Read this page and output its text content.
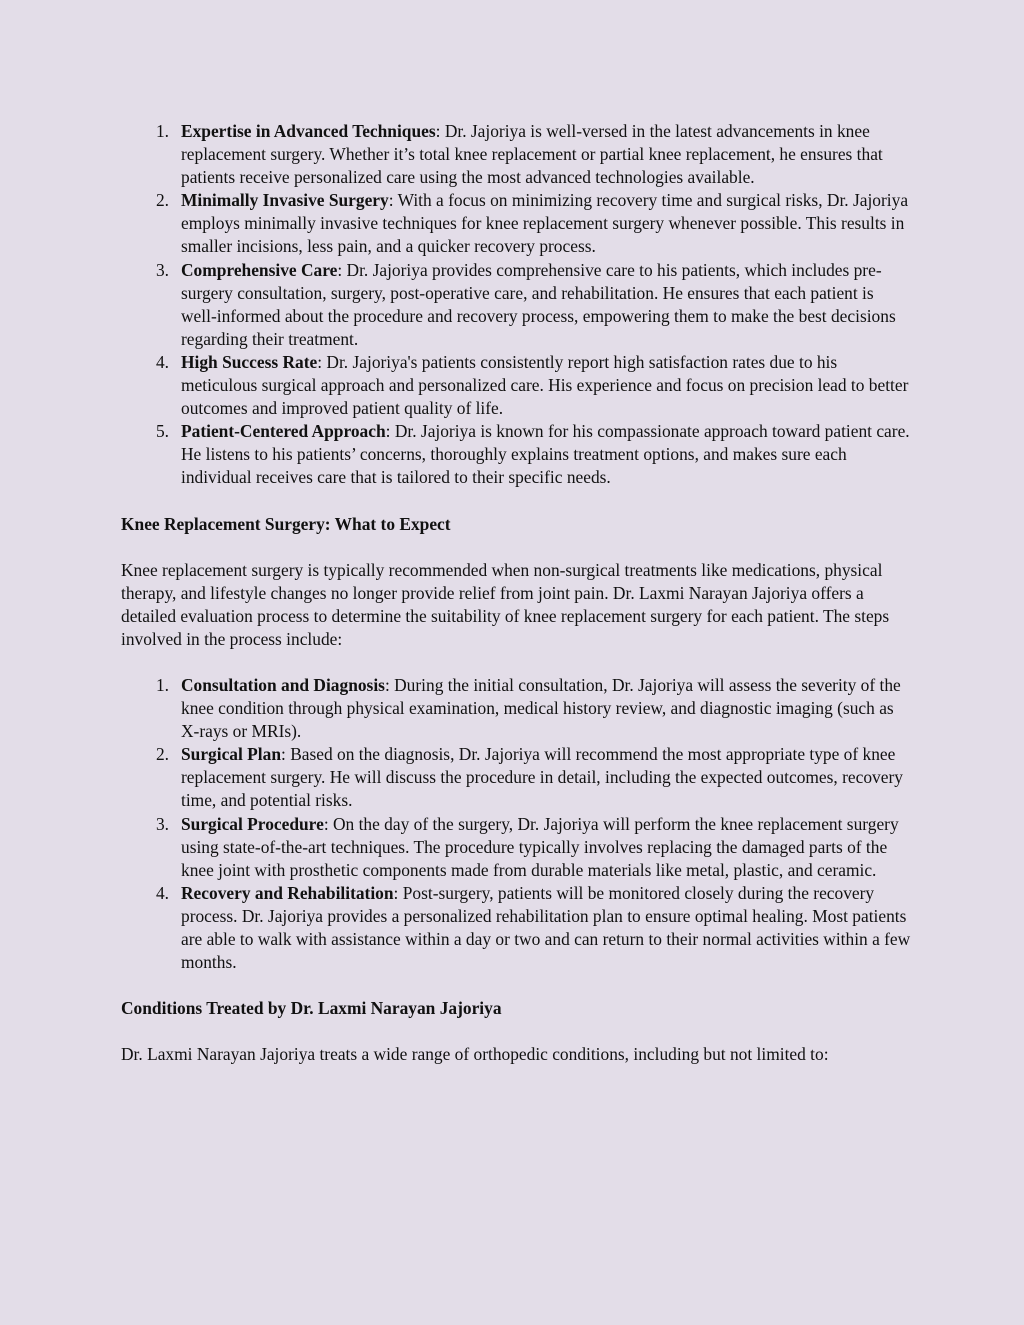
1. Expertise in Advanced Techniques: Dr. Jajoriya is well-versed in the latest advancements in knee replacement surgery. Whether it’s total knee replacement or partial knee replacement, he ensures that patients receive personalized care using the most advanced technologies available.
2. Minimally Invasive Surgery: With a focus on minimizing recovery time and surgical risks, Dr. Jajoriya employs minimally invasive techniques for knee replacement surgery whenever possible. This results in smaller incisions, less pain, and a quicker recovery process.
3. Comprehensive Care: Dr. Jajoriya provides comprehensive care to his patients, which includes pre-surgery consultation, surgery, post-operative care, and rehabilitation. He ensures that each patient is well-informed about the procedure and recovery process, empowering them to make the best decisions regarding their treatment.
4. High Success Rate: Dr. Jajoriya's patients consistently report high satisfaction rates due to his meticulous surgical approach and personalized care. His experience and focus on precision lead to better outcomes and improved patient quality of life.
5. Patient-Centered Approach: Dr. Jajoriya is known for his compassionate approach toward patient care. He listens to his patients’ concerns, thoroughly explains treatment options, and makes sure each individual receives care that is tailored to their specific needs.
Knee Replacement Surgery: What to Expect

Knee replacement surgery is typically recommended when non-surgical treatments like medications, physical therapy, and lifestyle changes no longer provide relief from joint pain. Dr. Laxmi Narayan Jajoriya offers a detailed evaluation process to determine the suitability of knee replacement surgery for each patient. The steps involved in the process include:

1. Consultation and Diagnosis: During the initial consultation, Dr. Jajoriya will assess the severity of the knee condition through physical examination, medical history review, and diagnostic imaging (such as X-rays or MRIs).
2. Surgical Plan: Based on the diagnosis, Dr. Jajoriya will recommend the most appropriate type of knee replacement surgery. He will discuss the procedure in detail, including the expected outcomes, recovery time, and potential risks.
3. Surgical Procedure: On the day of the surgery, Dr. Jajoriya will perform the knee replacement surgery using state-of-the-art techniques. The procedure typically involves replacing the damaged parts of the knee joint with prosthetic components made from durable materials like metal, plastic, and ceramic.
4. Recovery and Rehabilitation: Post-surgery, patients will be monitored closely during the recovery process. Dr. Jajoriya provides a personalized rehabilitation plan to ensure optimal healing. Most patients are able to walk with assistance within a day or two and can return to their normal activities within a few months.
Conditions Treated by Dr. Laxmi Narayan Jajoriya

Dr. Laxmi Narayan Jajoriya treats a wide range of orthopedic conditions, including but not limited to:
